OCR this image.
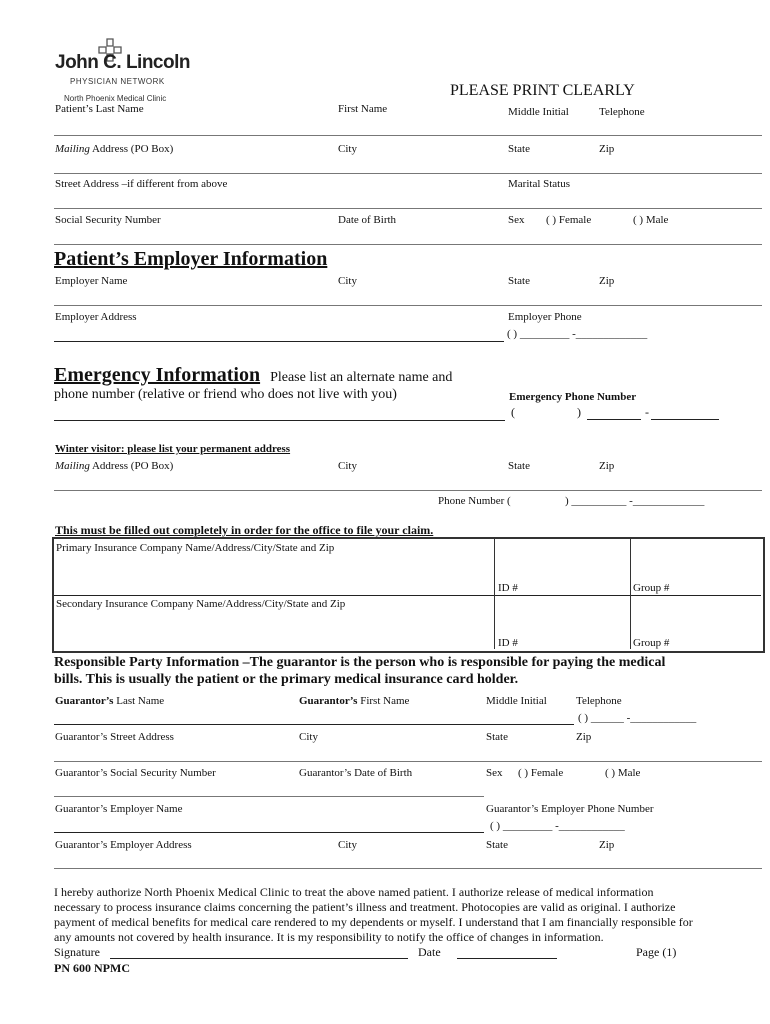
John C. Lincoln
PHYSICIAN NETWORK
North Phoenix Medical Clinic	PLEASE PRINT CLEARLY
Patient’s Last Name	First Name	Middle Initial	Telephone
Mailing Address (PO Box)	City	State	Zip
Street Address –if different from above	Marital Status
Social Security Number	Date of Birth	Sex ( ) Female	( ) Male
Patient’s Employer Information
Employer Name	City	State	Zip
Employer Address	Employer Phone
( ) _________ -_____________
Emergency Information Please list an alternate name and
phone number (relative or friend who does not live with you)	Emergency Phone Number
(	)	-
Winter visitor: please list your permanent address
Mailing Address (PO Box)	City	State	Zip
Phone Number (	) __________ -_____________
This must be filled out completely in order for the office to file your claim.
Primary Insurance Company Name/Address/City/State and Zip
ID #	Group #
Secondary Insurance Company Name/Address/City/State and Zip
ID #	Group #
Responsible Party Information –The guarantor is the person who is responsible for paying the medical
bills. This is usually the patient or the primary medical insurance card holder.
Guarantor’s Last Name	Guarantor’s First Name	Middle Initial	Telephone
( ) ______ -____________
Guarantor’s Street Address	City	State	Zip
Guarantor’s Social Security Number	Guarantor’s Date of Birth	Sex ( ) Female	( ) Male
Guarantor’s Employer Name	Guarantor’s Employer Phone Number
( ) _________ -____________
Guarantor’s Employer Address	City	State	Zip
I hereby authorize North Phoenix Medical Clinic to treat the above named patient. I authorize release of medical information
necessary to process insurance claims concerning the patient’s illness and treatment. Photocopies are valid as original. I authorize
payment of medical benefits for medical care rendered to my dependents or myself. I understand that I am financially responsible for
any amounts not covered by health insurance. It is my responsibility to notify the office of changes in information.
Signature	Date	Page (1)
PN 600 NPMC
